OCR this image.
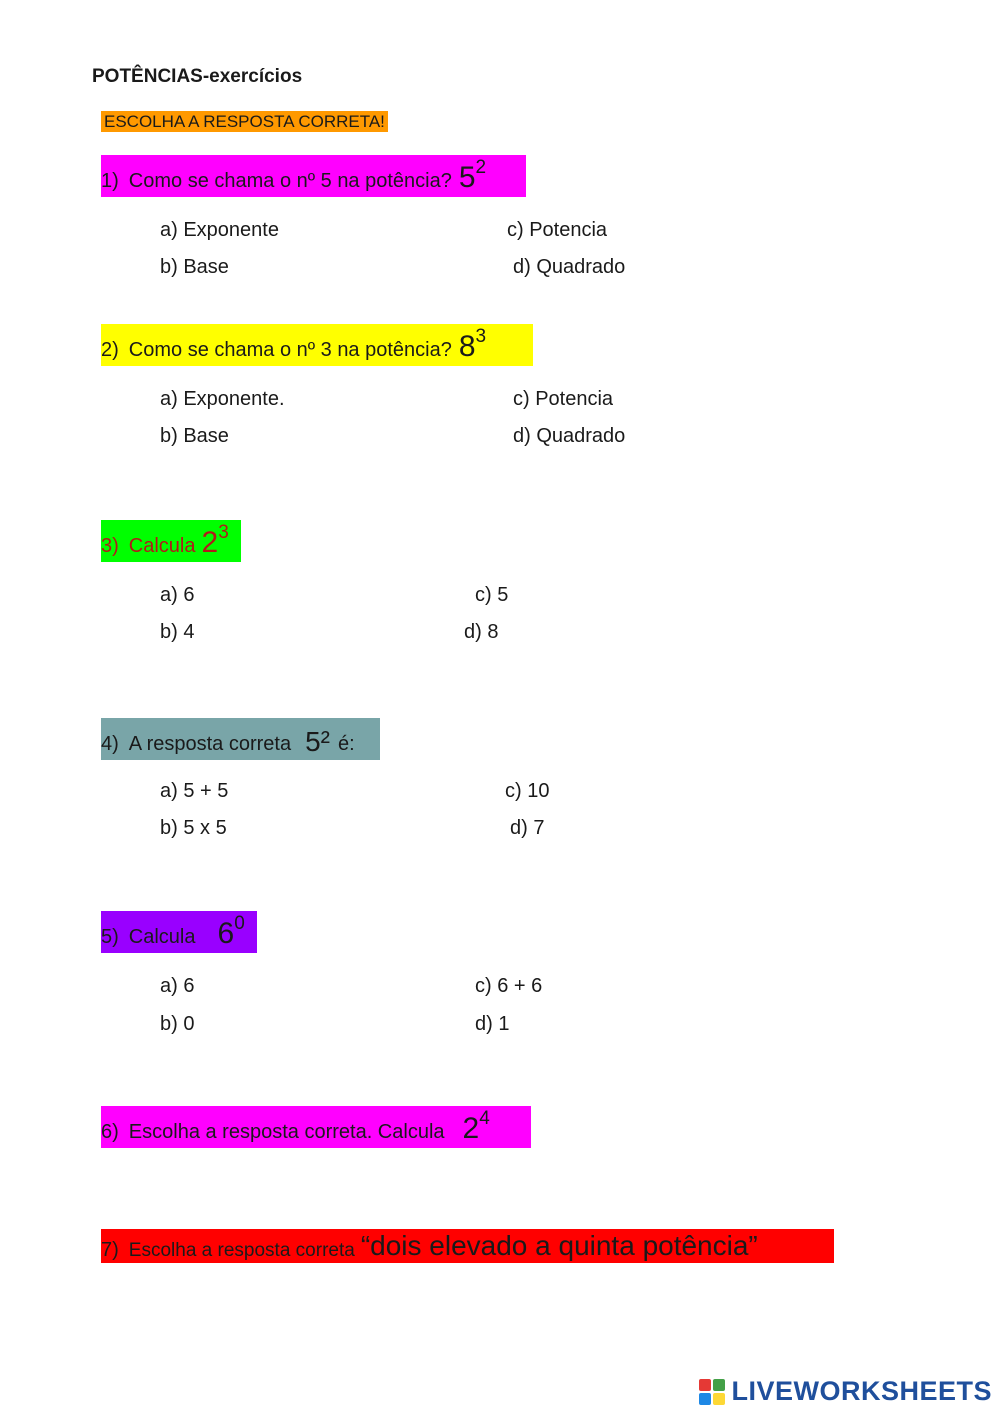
POTÊNCIAS-exercícios
ESCOLHA A RESPOSTA CORRETA!
1) Como se chama o nº 5 na potência? $5^2$
a) Exponente
b) Base
c) Potencia
d) Quadrado
2) Como se chama o nº 3 na potência? $8^3$
a) Exponente.
b) Base
c) Potencia
d) Quadrado
3) Calcula $2^3$
a) 6
b) 4
c) 5
d) 8
4) A resposta correta 5² é:
a) 5 + 5
b) 5 x 5
c) 10
d) 7
5) Calcula $6^0$
a) 6
b) 0
c) 6 + 6
d) 1
6) Escolha a resposta correta. Calcula $2^4$
7) Escolha a resposta correta “dois elevado a quinta potência”
LIVEWORKSHEETS
